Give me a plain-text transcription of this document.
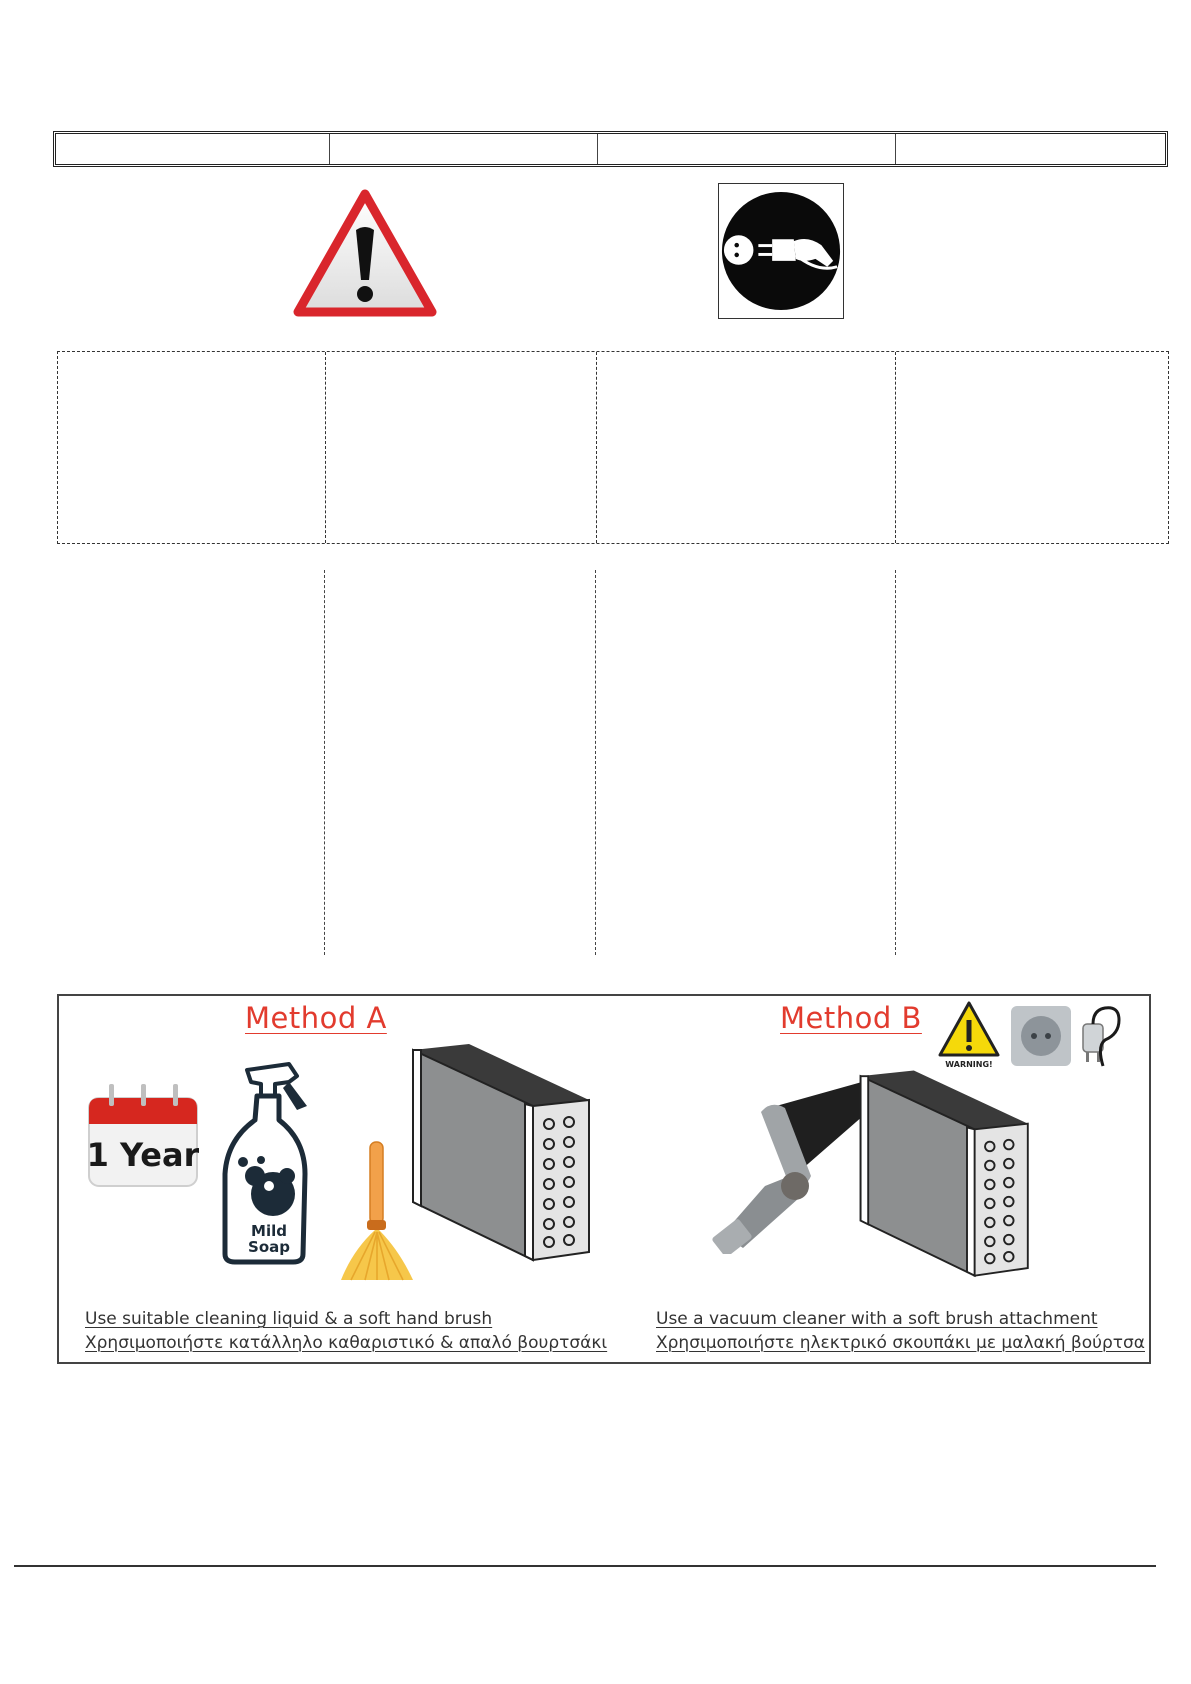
Method A	Method B
1 Year
Mild
Soap
WARNING!
Use suitable cleaning liquid & a soft hand brush
Χρησιμοποιήστε κατάλληλο καθαριστικό & απαλό βουρτσάκι
Use a vacuum cleaner with a soft brush attachment
Χρησιμοποιήστε ηλεκτρικό σκουπάκι με μαλακή βούρτσα
